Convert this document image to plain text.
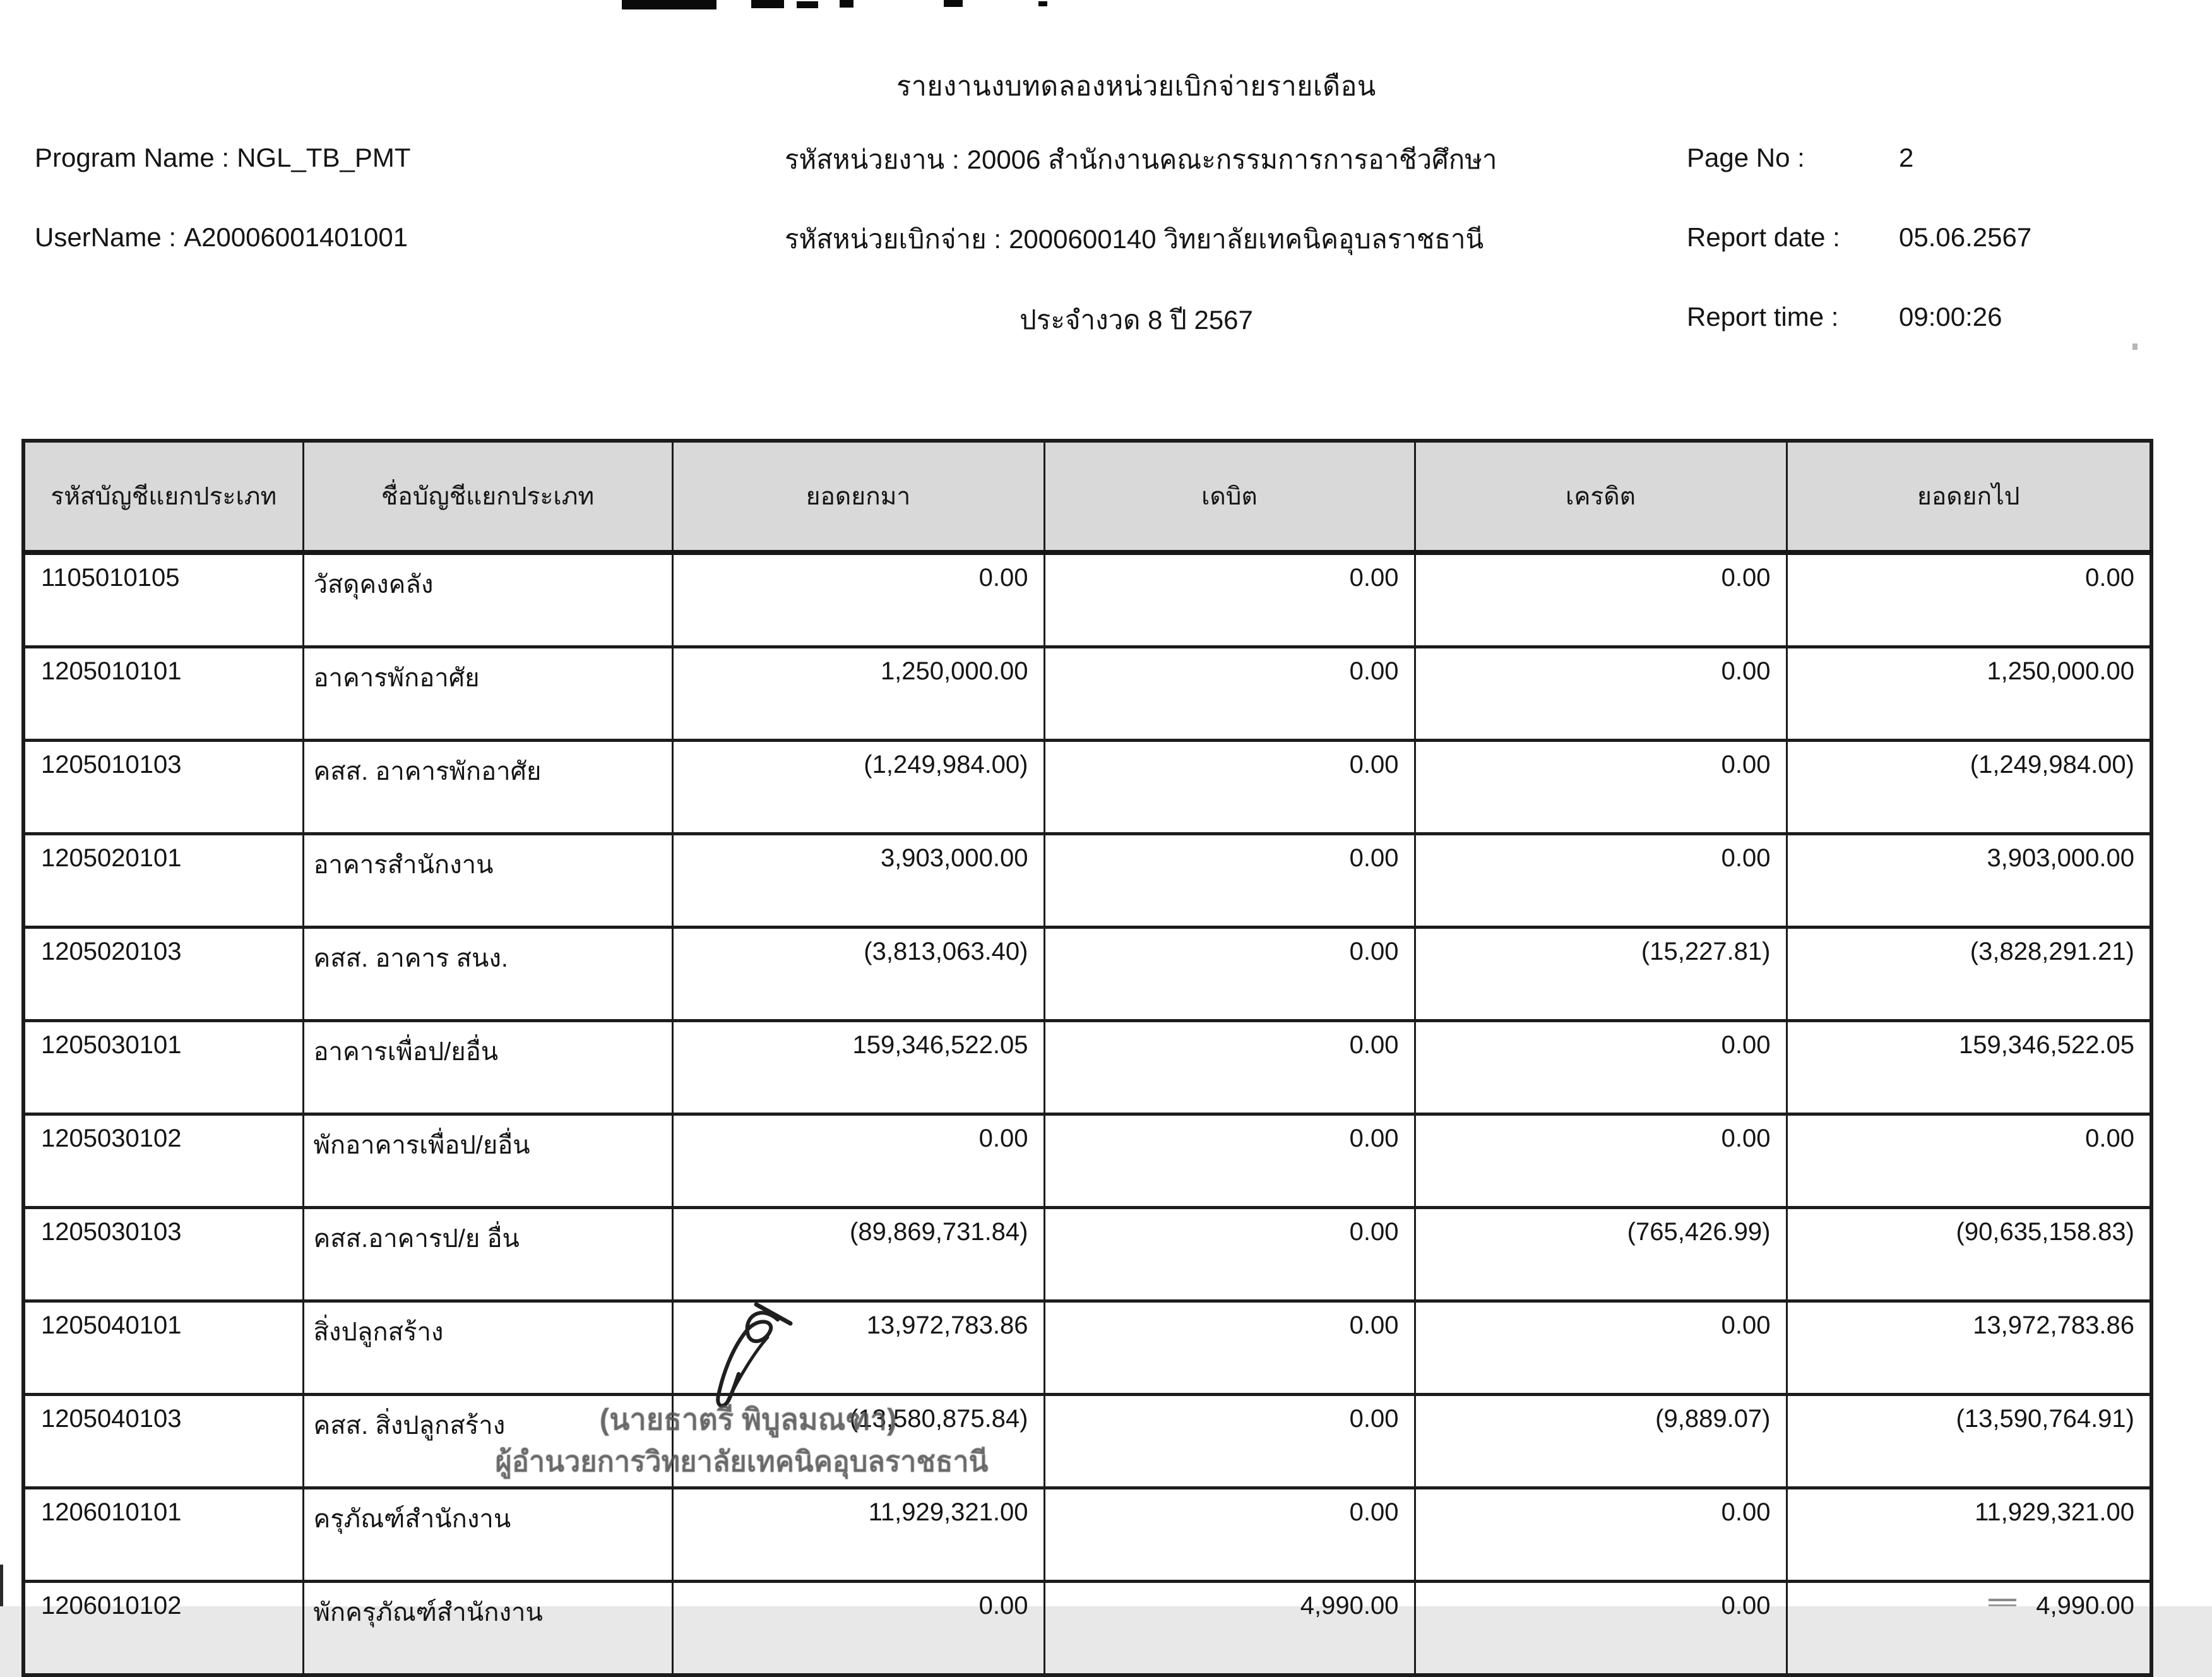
รายงานงบทดลองหน่วยเบิกจ่ายรายเดือน
Program Name : NGL_TB_PMT
UserName : A20006001401001
รหัสหน่วยงาน : 20006 สำนักงานคณะกรรมการการอาชีวศึกษา
รหัสหน่วยเบิกจ่าย : 2000600140 วิทยาลัยเทคนิคอุบลราชธานี
ประจำงวด 8 ปี 2567
Page No :	2
Report date : 05.06.2567
Report time : 09:00:26
รหัสบัญชีแยกประเภท	ชื่อบัญชีแยกประเภท	ยอดยกมา	เดบิต	เครดิต	ยอดยกไป
1105010105	วัสดุคงคลัง	0.00	0.00	0.00	0.00
1205010101	อาคารพักอาศัย	1,250,000.00	0.00	0.00	1,250,000.00
1205010103	คสส. อาคารพักอาศัย	(1,249,984.00)	0.00	0.00	(1,249,984.00)
1205020101	อาคารสำนักงาน	3,903,000.00	0.00	0.00	3,903,000.00
1205020103	คสส. อาคาร สนง.	(3,813,063.40)	0.00	(15,227.81)	(3,828,291.21)
1205030101	อาคารเพื่อป/ยอื่น	159,346,522.05	0.00	0.00	159,346,522.05
1205030102	พักอาคารเพื่อป/ยอื่น	0.00	0.00	0.00	0.00
1205030103	คสส.อาคารป/ย อื่น	(89,869,731.84)	0.00	(765,426.99)	(90,635,158.83)
1205040101	สิ่งปลูกสร้าง	13,972,783.86	0.00	0.00	13,972,783.86
1205040103	คสส. สิ่งปลูกสร้าง	(13,580,875.84)	0.00	(9,889.07)	(13,590,764.91)
1206010101	ครุภัณฑ์สำนักงาน	11,929,321.00	0.00	0.00	11,929,321.00
1206010102	พักครุภัณฑ์สำนักงาน	0.00	4,990.00	0.00	4,990.00
(นายธาตรี พิบูลมณฑา)
ผู้อำนวยการวิทยาลัยเทคนิคอุบลราชธานี
